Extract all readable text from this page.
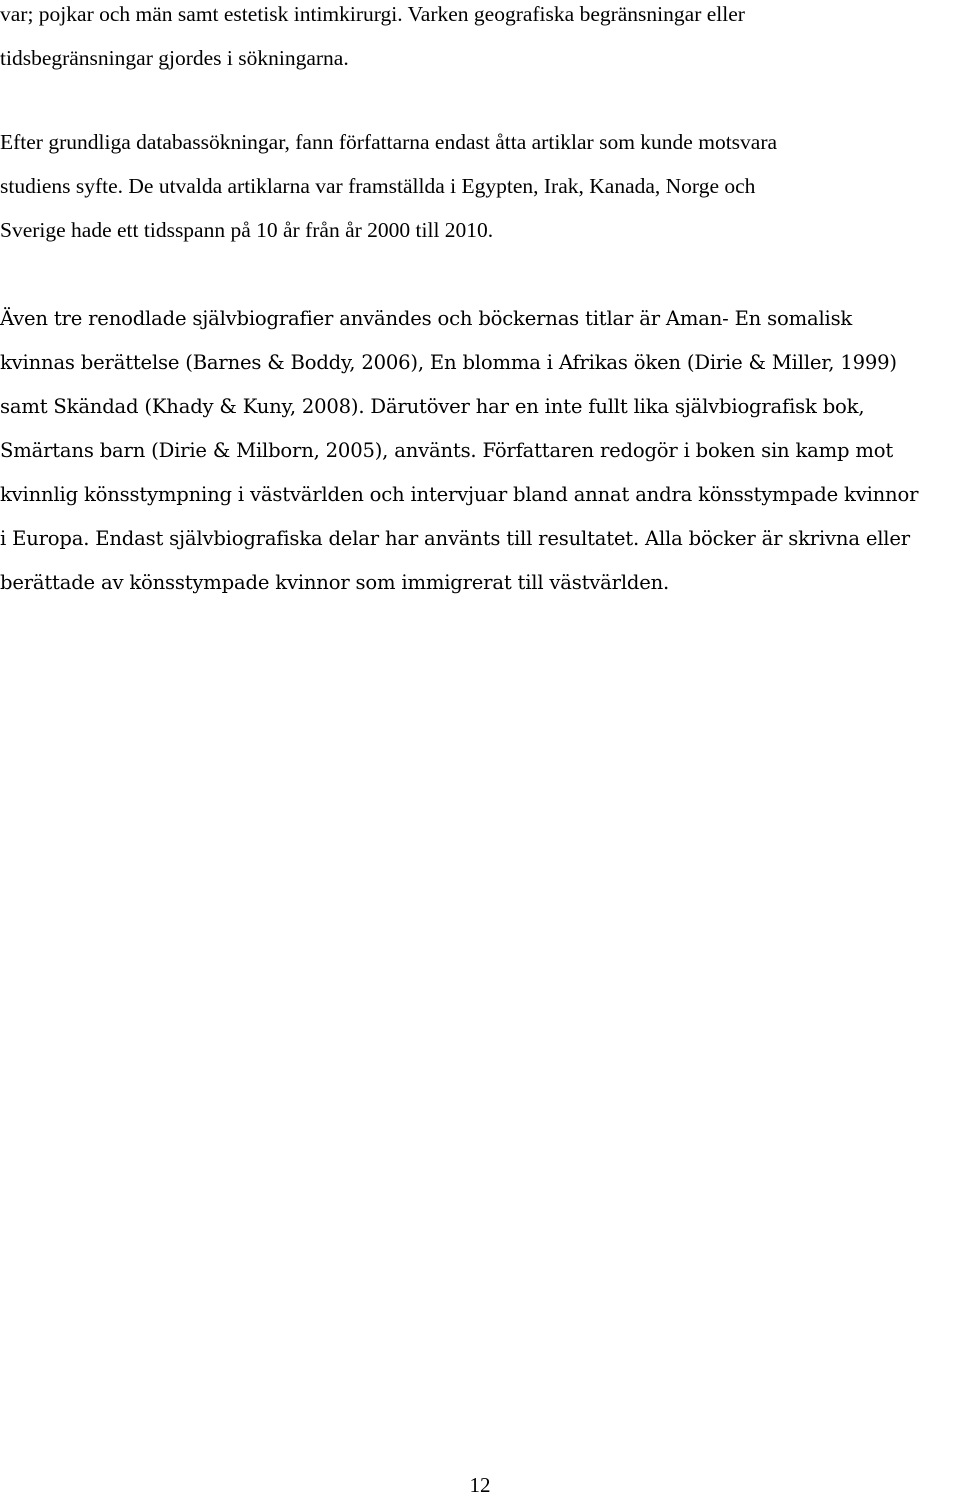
var; pojkar och män samt estetisk intimkirurgi. Varken geografiska begränsningar eller
tidsbegränsningar gjordes i sökningarna.
Efter grundliga databassökningar, fann författarna endast åtta artiklar som kunde motsvara
studiens syfte. De utvalda artiklarna var framställda i Egypten, Irak, Kanada, Norge och
Sverige hade ett tidsspann på 10 år från år 2000 till 2010.
Även tre renodlade självbiografier användes och böckernas titlar är Aman- En somalisk
kvinnas berättelse (Barnes & Boddy, 2006), En blomma i Afrikas öken (Dirie & Miller, 1999)
samt Skändad (Khady & Kuny, 2008). Därutöver har en inte fullt lika självbiografisk bok,
Smärtans barn (Dirie & Milborn, 2005), använts. Författaren redogör i boken sin kamp mot
kvinnlig könsstympning i västvärlden och intervjuar bland annat andra könsstympade kvinnor
i Europa. Endast självbiografiska delar har använts till resultatet. Alla böcker är skrivna eller
berättade av könsstympade kvinnor som immigrerat till västvärlden.
12
